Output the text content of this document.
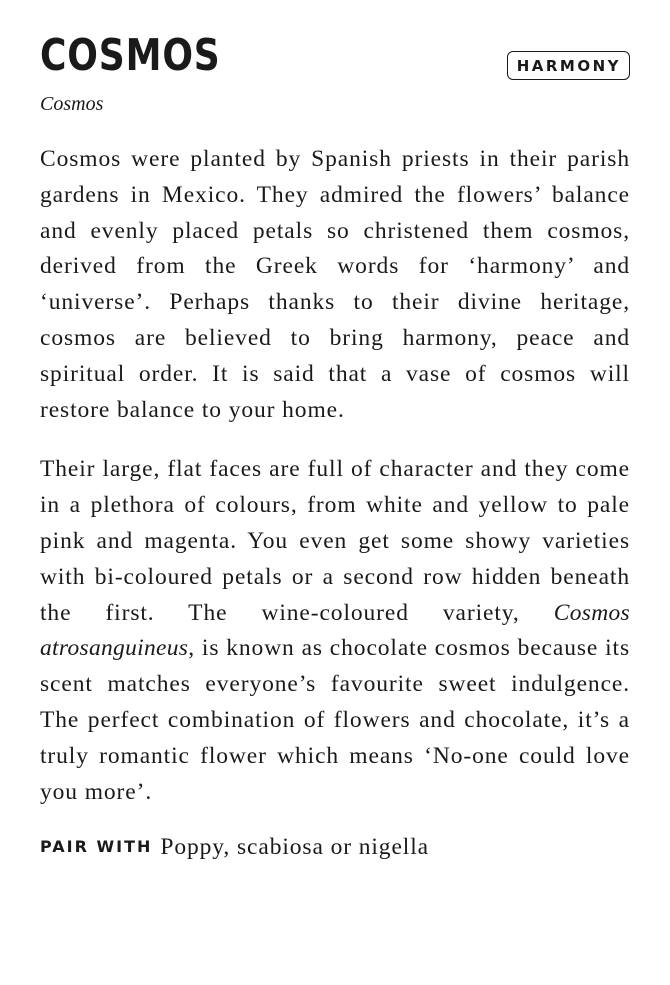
COSMOS	HARMONY

Cosmos

Cosmos were planted by Spanish priests in their parish gardens in Mexico. They admired the flowers’ balance and evenly placed petals so christened them cosmos, derived from the Greek words for ‘harmony’ and ‘universe’. Perhaps thanks to their divine heritage, cosmos are believed to bring harmony, peace and spiritual order. It is said that a vase of cosmos will restore balance to your home.

Their large, flat faces are full of character and they come in a plethora of colours, from white and yellow to pale pink and magenta. You even get some showy varieties with bi-coloured petals or a second row hidden beneath the first. The wine-coloured variety, Cosmos atrosanguineus, is known as chocolate cosmos because its scent matches everyone’s favourite sweet indulgence. The perfect combination of flowers and chocolate, it’s a truly romantic flower which means ‘No-one could love you more’.

PAIR WITH Poppy, scabiosa or nigella
